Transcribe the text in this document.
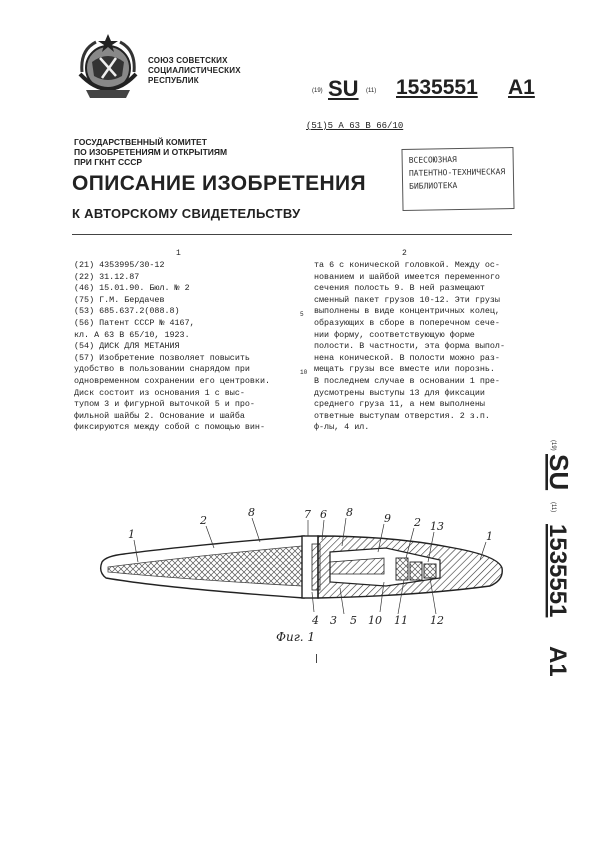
СОЮЗ СОВЕТСКИХ
СОЦИАЛИСТИЧЕСКИХ
РЕСПУБЛИК
(19) SU (11) 1535551 A1
(51)5 A 63 B 66/10
ГОСУДАРСТВЕННЫЙ КОМИТЕТ
ПО ИЗОБРЕТЕНИЯМ И ОТКРЫТИЯМ
ПРИ ГКНТ СССР	ВСЕСОЮЗНАЯ
ПАТЕНТНО-ТЕХНИЧЕСКАЯ
БИБЛИОТЕКА
ОПИСАНИЕ ИЗОБРЕТЕНИЯ
К АВТОРСКОМУ СВИДЕТЕЛЬСТВУ
1	2
(21) 4353995/30-12
(22) 31.12.87
(46) 15.01.90. Бюл. № 2
(75) Г.М. Бердачев
(53) 685.637.2(088.8)
(56) Патент СССР № 4167,
кл. А 63 В 65/10, 1923.
(54) ДИСК ДЛЯ МЕТАНИЯ
(57) Изобретение позволяет повысить
удобство в пользовании снарядом при
одновременном сохранении его центровки.
Диск состоит из основания 1 с выс-
тупом 3 и фигурной выточкой 5 и про-
фильной шайбы 2. Основание и шайба
фиксируются между собой с помощью вин-
5
10
та 6 с конической головкой. Между ос-
нованием и шайбой имеется переменного
сечения полость 9. В ней размещают
сменный пакет грузов 10-12. Эти грузы
выполнены в виде концентричных колец,
образующих в сборе в поперечном сече-
нии форму, соответствующую форме
полости. В частности, эта форма выпол-
нена конической. В полости можно раз-
мещать грузы все вместе или порознь.
В последнем случае в основании 1 пре-
дусмотрены выступы 13 для фиксации
среднего груза 11, а нем выполнены
ответные выступам отверстия. 2 з.п.
ф-лы, 4 ил.
1
2
8	7 6 8	9 2 13
1
4 3 5 10 11 12
Фиг. 1
(19)
SU
(11)
1535551
A1
